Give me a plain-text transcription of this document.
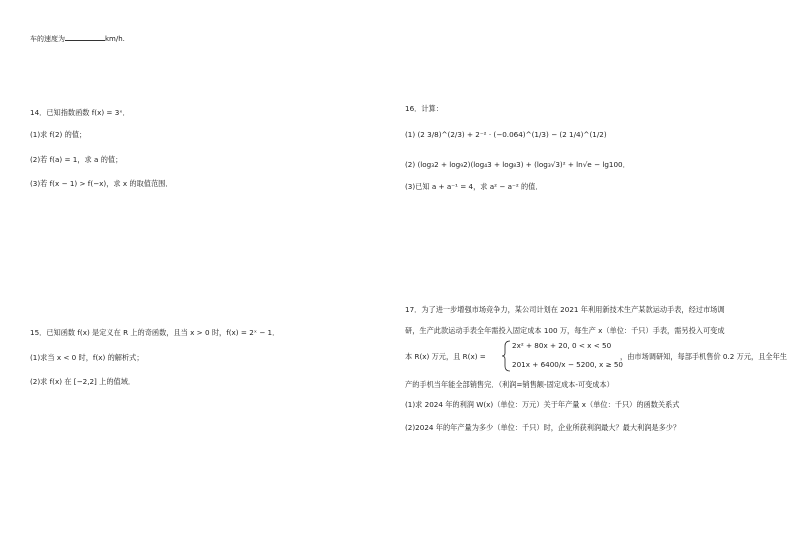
车的速度为	km/h.
14．已知指数函数 f(x) = 3ˣ．
(1)求 f(2) 的值；
(2)若 f(a) = 1，求 a 的值；
(3)若 f(x − 1) > f(−x)，求 x 的取值范围．
15．已知函数 f(x) 是定义在 R 上的奇函数，且当 x > 0 时，f(x) = 2ˣ − 1．
(1)求当 x < 0 时，f(x) 的解析式；
(2)求 f(x) 在 [−2,2] 上的值域．
16．计算：
(1) (2 3/8)^(2/3) + 2⁻² · (−0.064)^(1/3) − (2 1/4)^(1/2)
(2) (log₃2 + log₉2)(log₄3 + log₈3) + (log₃√3)² + ln√e − lg100．
(3)已知 a + a⁻¹ = 4，求 a² − a⁻² 的值．
17．为了进一步增强市场竞争力，某公司计划在 2021 年利用新技术生产某款运动手表，经过市场调
研，生产此款运动手表全年需投入固定成本 100 万，每生产 x（单位：千只）手表，需另投入可变成
本 R(x) 万元，且 R(x) =
2x² + 80x + 20, 0 < x < 50
201x + 6400/x − 5200, x ≥ 50
，由市场调研知，每部手机售价 0.2 万元，且全年生
产的手机当年能全部销售完．（利润=销售额-固定成本-可变成本）
(1)求 2024 年的利润 W(x)（单位：万元）关于年产量 x（单位：千只）的函数关系式
(2)2024 年的年产量为多少（单位：千只）时，企业所获利润最大？最大利润是多少？
